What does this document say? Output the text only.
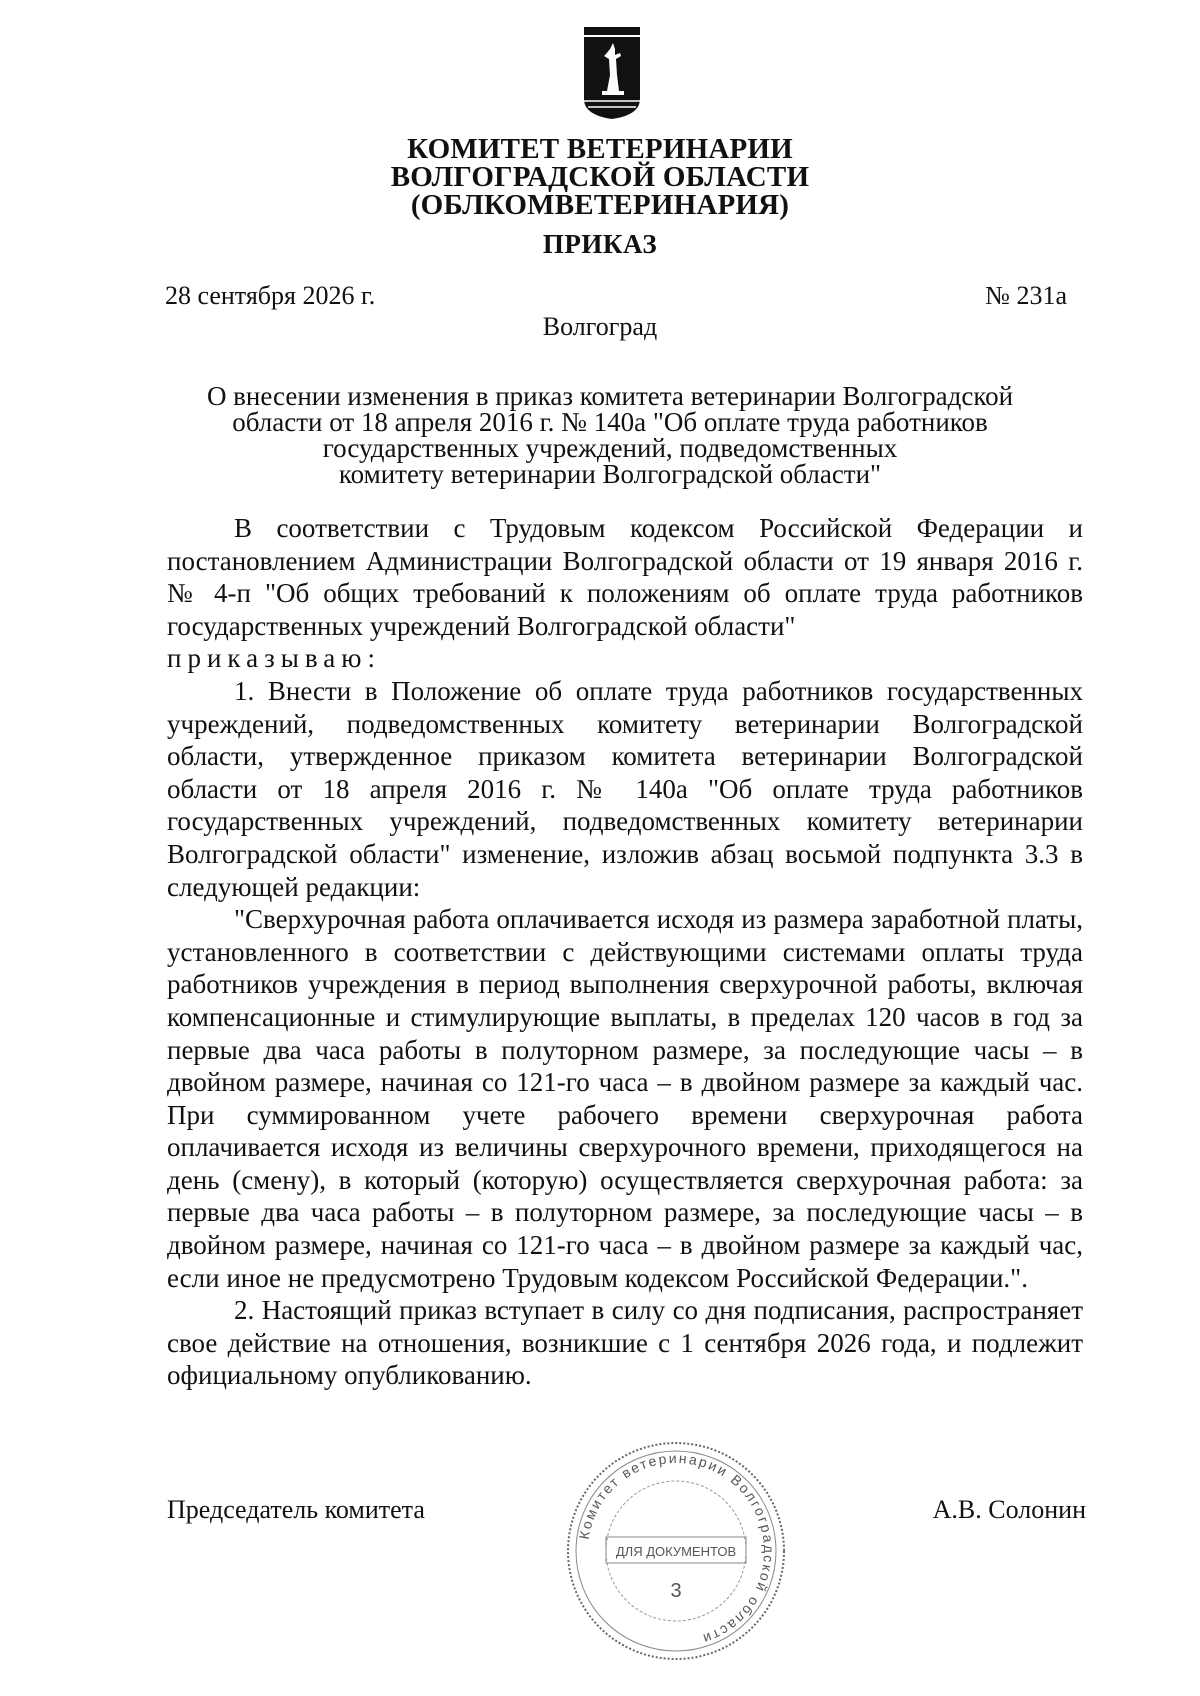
КОМИТЕТ ВЕТЕРИНАРИИ
ВОЛГОГРАДСКОЙ ОБЛАСТИ
(ОБЛКОМВЕТЕРИНАРИЯ)
ПРИКАЗ
28 сентября 2026 г.	№ 231а
Волгоград
О внесении изменения в приказ комитета ветеринарии Волгоградской
области от 18 апреля 2016 г. № 140а "Об оплате труда работников
государственных учреждений, подведомственных
комитету ветеринарии Волгоградской области"

В соответствии с Трудовым кодексом Российской Федерации и постановлением Администрации Волгоградской области от 19 января 2016 г. № 4-п "Об общих требований к положениям об оплате труда работников государственных учреждений Волгоградской области"

приказываю:

1. Внести в Положение об оплате труда работников государственных учреждений, подведомственных комитету ветеринарии Волгоградской области, утвержденное приказом комитета ветеринарии Волгоградской области от 18 апреля 2016 г. № 140а "Об оплате труда работников государственных учреждений, подведомственных комитету ветеринарии Волгоградской области" изменение, изложив абзац восьмой подпункта 3.3 в следующей редакции:

"Сверхурочная работа оплачивается исходя из размера заработной платы, установленного в соответствии с действующими системами оплаты труда работников учреждения в период выполнения сверхурочной работы, включая компенсационные и стимулирующие выплаты, в пределах 120 часов в год за первые два часа работы в полуторном размере, за последующие часы – в двойном размере, начиная со 121-го часа – в двойном размере за каждый час. При суммированном учете рабочего времени сверхурочная работа оплачивается исходя из величины сверхурочного времени, приходящегося на день (смену), в который (которую) осуществляется сверхурочная работа: за первые два часа работы – в полуторном размере, за последующие часы – в двойном размере, начиная со 121-го часа – в двойном размере за каждый час, если иное не предусмотрено Трудовым кодексом Российской Федерации.".

2. Настоящий приказ вступает в силу со дня подписания, распространяет свое действие на отношения, возникшие с 1 сентября 2026 года, и подлежит официальному опубликованию.

Председатель комитета	А.В. Солонин
Комитет ветеринарии Волгоградской области
ДЛЯ ДОКУМЕНТОВ
3
